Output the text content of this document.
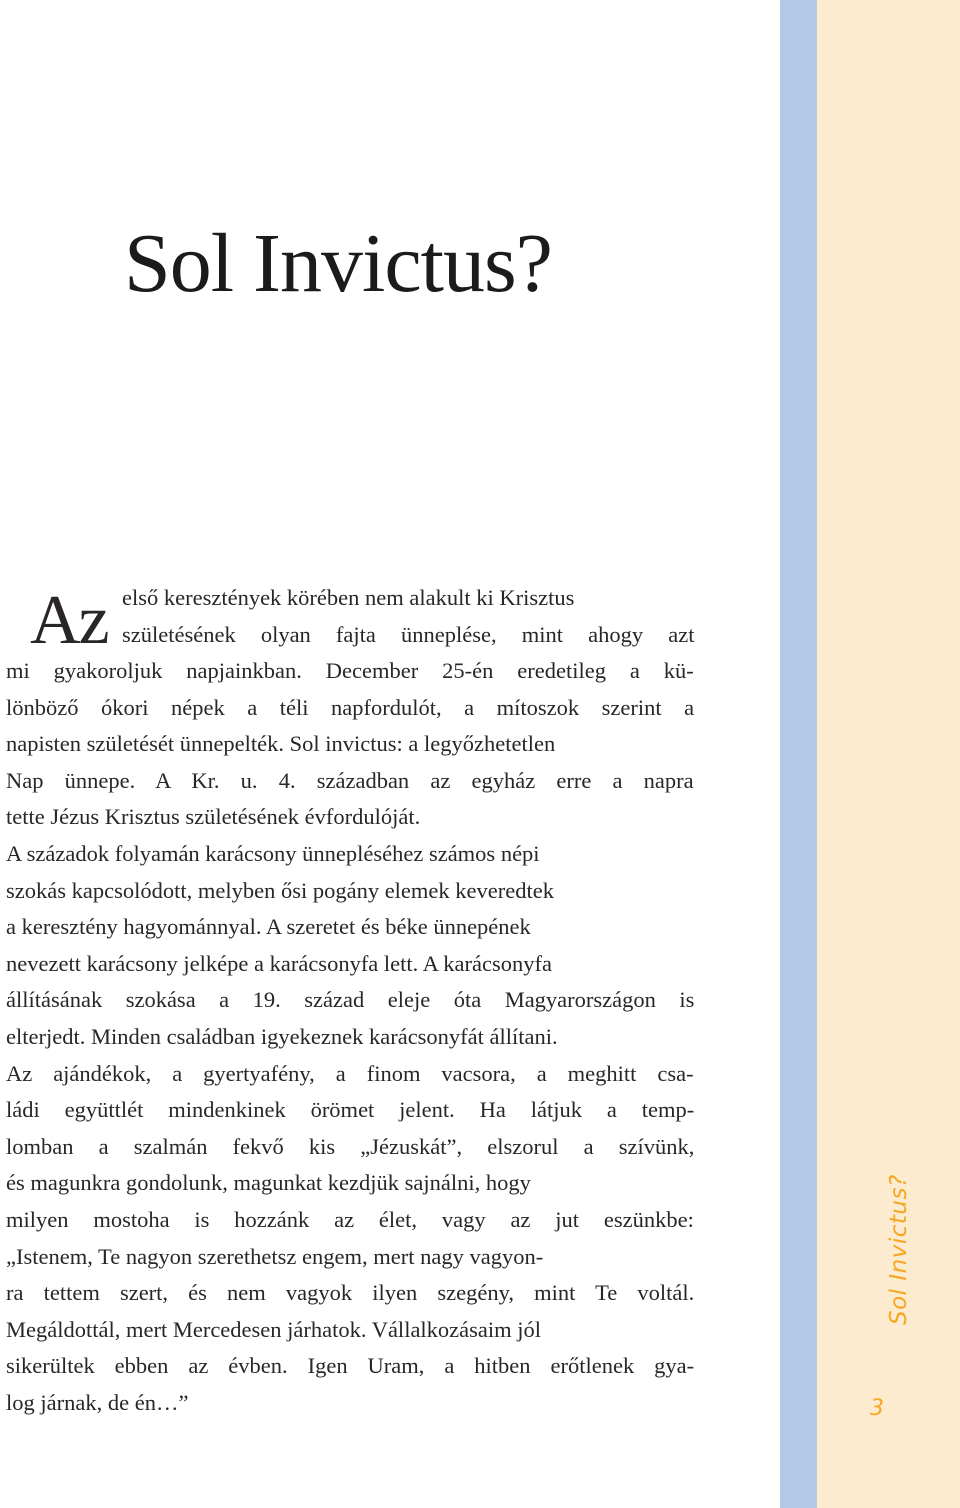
Sol Invictus?
Az első keresztények körében nem alakult ki Krisztus
születésének olyan fajta ünneplése, mint ahogy azt

mi gyakoroljuk napjainkban. December 25-én eredetileg a kü-
lönböző ókori népek a téli napfordulót, a mítoszok szerint a
napisten születését ünnepelték. Sol invictus: a legyőzhetetlen
Nap ünnepe. A Kr. u. 4. században az egyház erre a napra
tette Jézus Krisztus születésének évfordulóját.

A századok folyamán karácsony ünnepléséhez számos népi
szokás kapcsolódott, melyben ősi pogány elemek keveredtek
a keresztény hagyománnyal. A szeretet és béke ünnepének
nevezett karácsony jelképe a karácsonyfa lett. A karácsonyfa
állításának szokása a 19. század eleje óta Magyarországon is
elterjedt. Minden családban igyekeznek karácsonyfát állítani.
Az ajándékok, a gyertyafény, a finom vacsora, a meghitt csa-
ládi együttlét mindenkinek örömet jelent. Ha látjuk a temp-
lomban a szalmán fekvő kis „Jézuskát”, elszorul a szívünk,
és magunkra gondolunk, magunkat kezdjük sajnálni, hogy
milyen mostoha is hozzánk az élet, vagy az jut eszünkbe:
„Istenem, Te nagyon szerethetsz engem, mert nagy vagyon-
ra tettem szert, és nem vagyok ilyen szegény, mint Te voltál.
Megáldottál, mert Mercedesen járhatok. Vállalkozásaim jól
sikerültek ebben az évben. Igen Uram, a hitben erőtlenek gya-
log járnak, de én…”

Sol Invictus?
3
